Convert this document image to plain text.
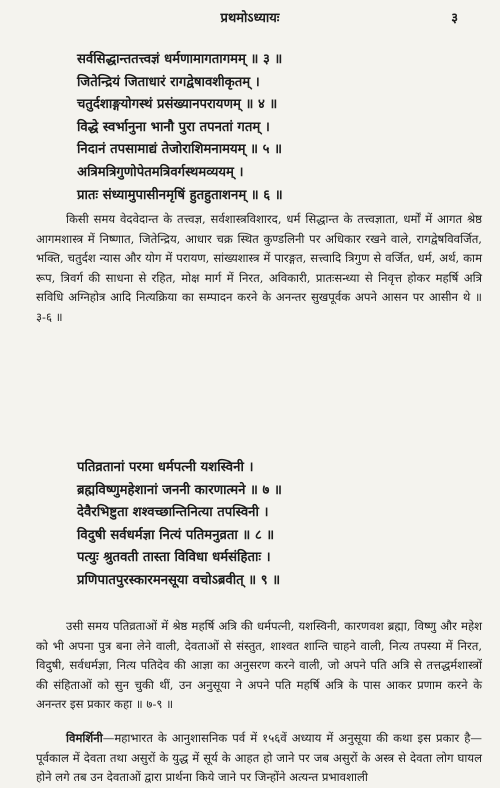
प्रथमोऽध्यायः	३
सर्वसिद्धान्ततत्त्वज्ञं धर्मणामागतागमम् ॥ ३ ॥
जितेन्द्रियं जिताधारं रागद्वेषावशीकृतम् ।
चतुर्दशाङ्गयोगस्थं प्रसंख्यानपरायणम् ॥ ४ ॥
विद्धे स्वर्भानुना भानौ पुरा तपनतां गतम् ।
निदानं तपसामाद्यं तेजोराशिमनामयम् ॥ ५ ॥
अत्रिमत्रिगुणोपेतमत्रिवर्गस्थमव्ययम् ।
प्रातः संध्यामुपासीनमृषिं हुतहुताशनम् ॥ ६ ॥

किसी समय वेदवेदान्त के तत्त्वज्ञ, सर्वशास्त्रविशारद, धर्म सिद्धान्त के तत्त्वज्ञाता, धर्मों में आगत श्रेष्ठ आगमशास्त्र में निष्णात, जितेन्द्रिय, आधार चक्र स्थित कुण्डलिनी पर अधिकार रखने वाले, रागद्वेषविवर्जित, भक्ति, चतुर्दश न्यास और योग में परायण, सांख्यशास्त्र में पारङ्गत, सत्त्वादि त्रिगुण से वर्जित, धर्म, अर्थ, काम रूप, त्रिवर्ग की साधना से रहित, मोक्ष मार्ग में निरत, अविकारी, प्रातःसन्ध्या से निवृत्त होकर महर्षि अत्रि सविधि अग्निहोत्र आदि नित्यक्रिया का सम्पादन करने के अनन्तर सुखपूर्वक अपने आसन पर आसीन थे ॥ ३-६ ॥

पतिव्रतानां परमा धर्मपत्नी यशस्विनी ।
ब्रह्मविष्णुमहेशानां जननी कारणात्मने ॥ ७ ॥
देवैरभिष्टुता शश्वच्छान्तिनित्या तपस्विनी ।
विदुषी सर्वधर्मज्ञा नित्यं पतिमनुव्रता ॥ ८ ॥
पत्युः श्रुतवती तास्ता विविधा धर्मसंहिताः ।
प्रणिपातपुरस्कारमनसूया वचोऽब्रवीत् ॥ ९ ॥

उसी समय पतिव्रताओं में श्रेष्ठ महर्षि अत्रि की धर्मपत्नी, यशस्विनी, कारणवश ब्रह्मा, विष्णु और महेश को भी अपना पुत्र बना लेने वाली, देवताओं से संस्तुत, शाश्वत शान्ति चाहने वाली, नित्य तपस्या में निरत, विदुषी, सर्वधर्मज्ञा, नित्य पतिदेव की आज्ञा का अनुसरण करने वाली, जो अपने पति अत्रि से तत्तद्धर्मशास्त्रों की संहिताओं को सुन चुकी थीं, उन अनुसूया ने अपने पति महर्षि अत्रि के पास आकर प्रणाम करने के अनन्तर इस प्रकार कहा ॥ ७-९ ॥

विमर्शिनी—महाभारत के आनुशासनिक पर्व में १५६वें अध्याय में अनुसूया की कथा इस प्रकार है—पूर्वकाल में देवता तथा असुरों के युद्ध में सूर्य के आहत हो जाने पर जब असुरों के अस्त्र से देवता लोग घायल होने लगे तब उन देवताओं द्वारा प्रार्थना किये जाने पर जिन्होंने अत्यन्त प्रभावशाली
